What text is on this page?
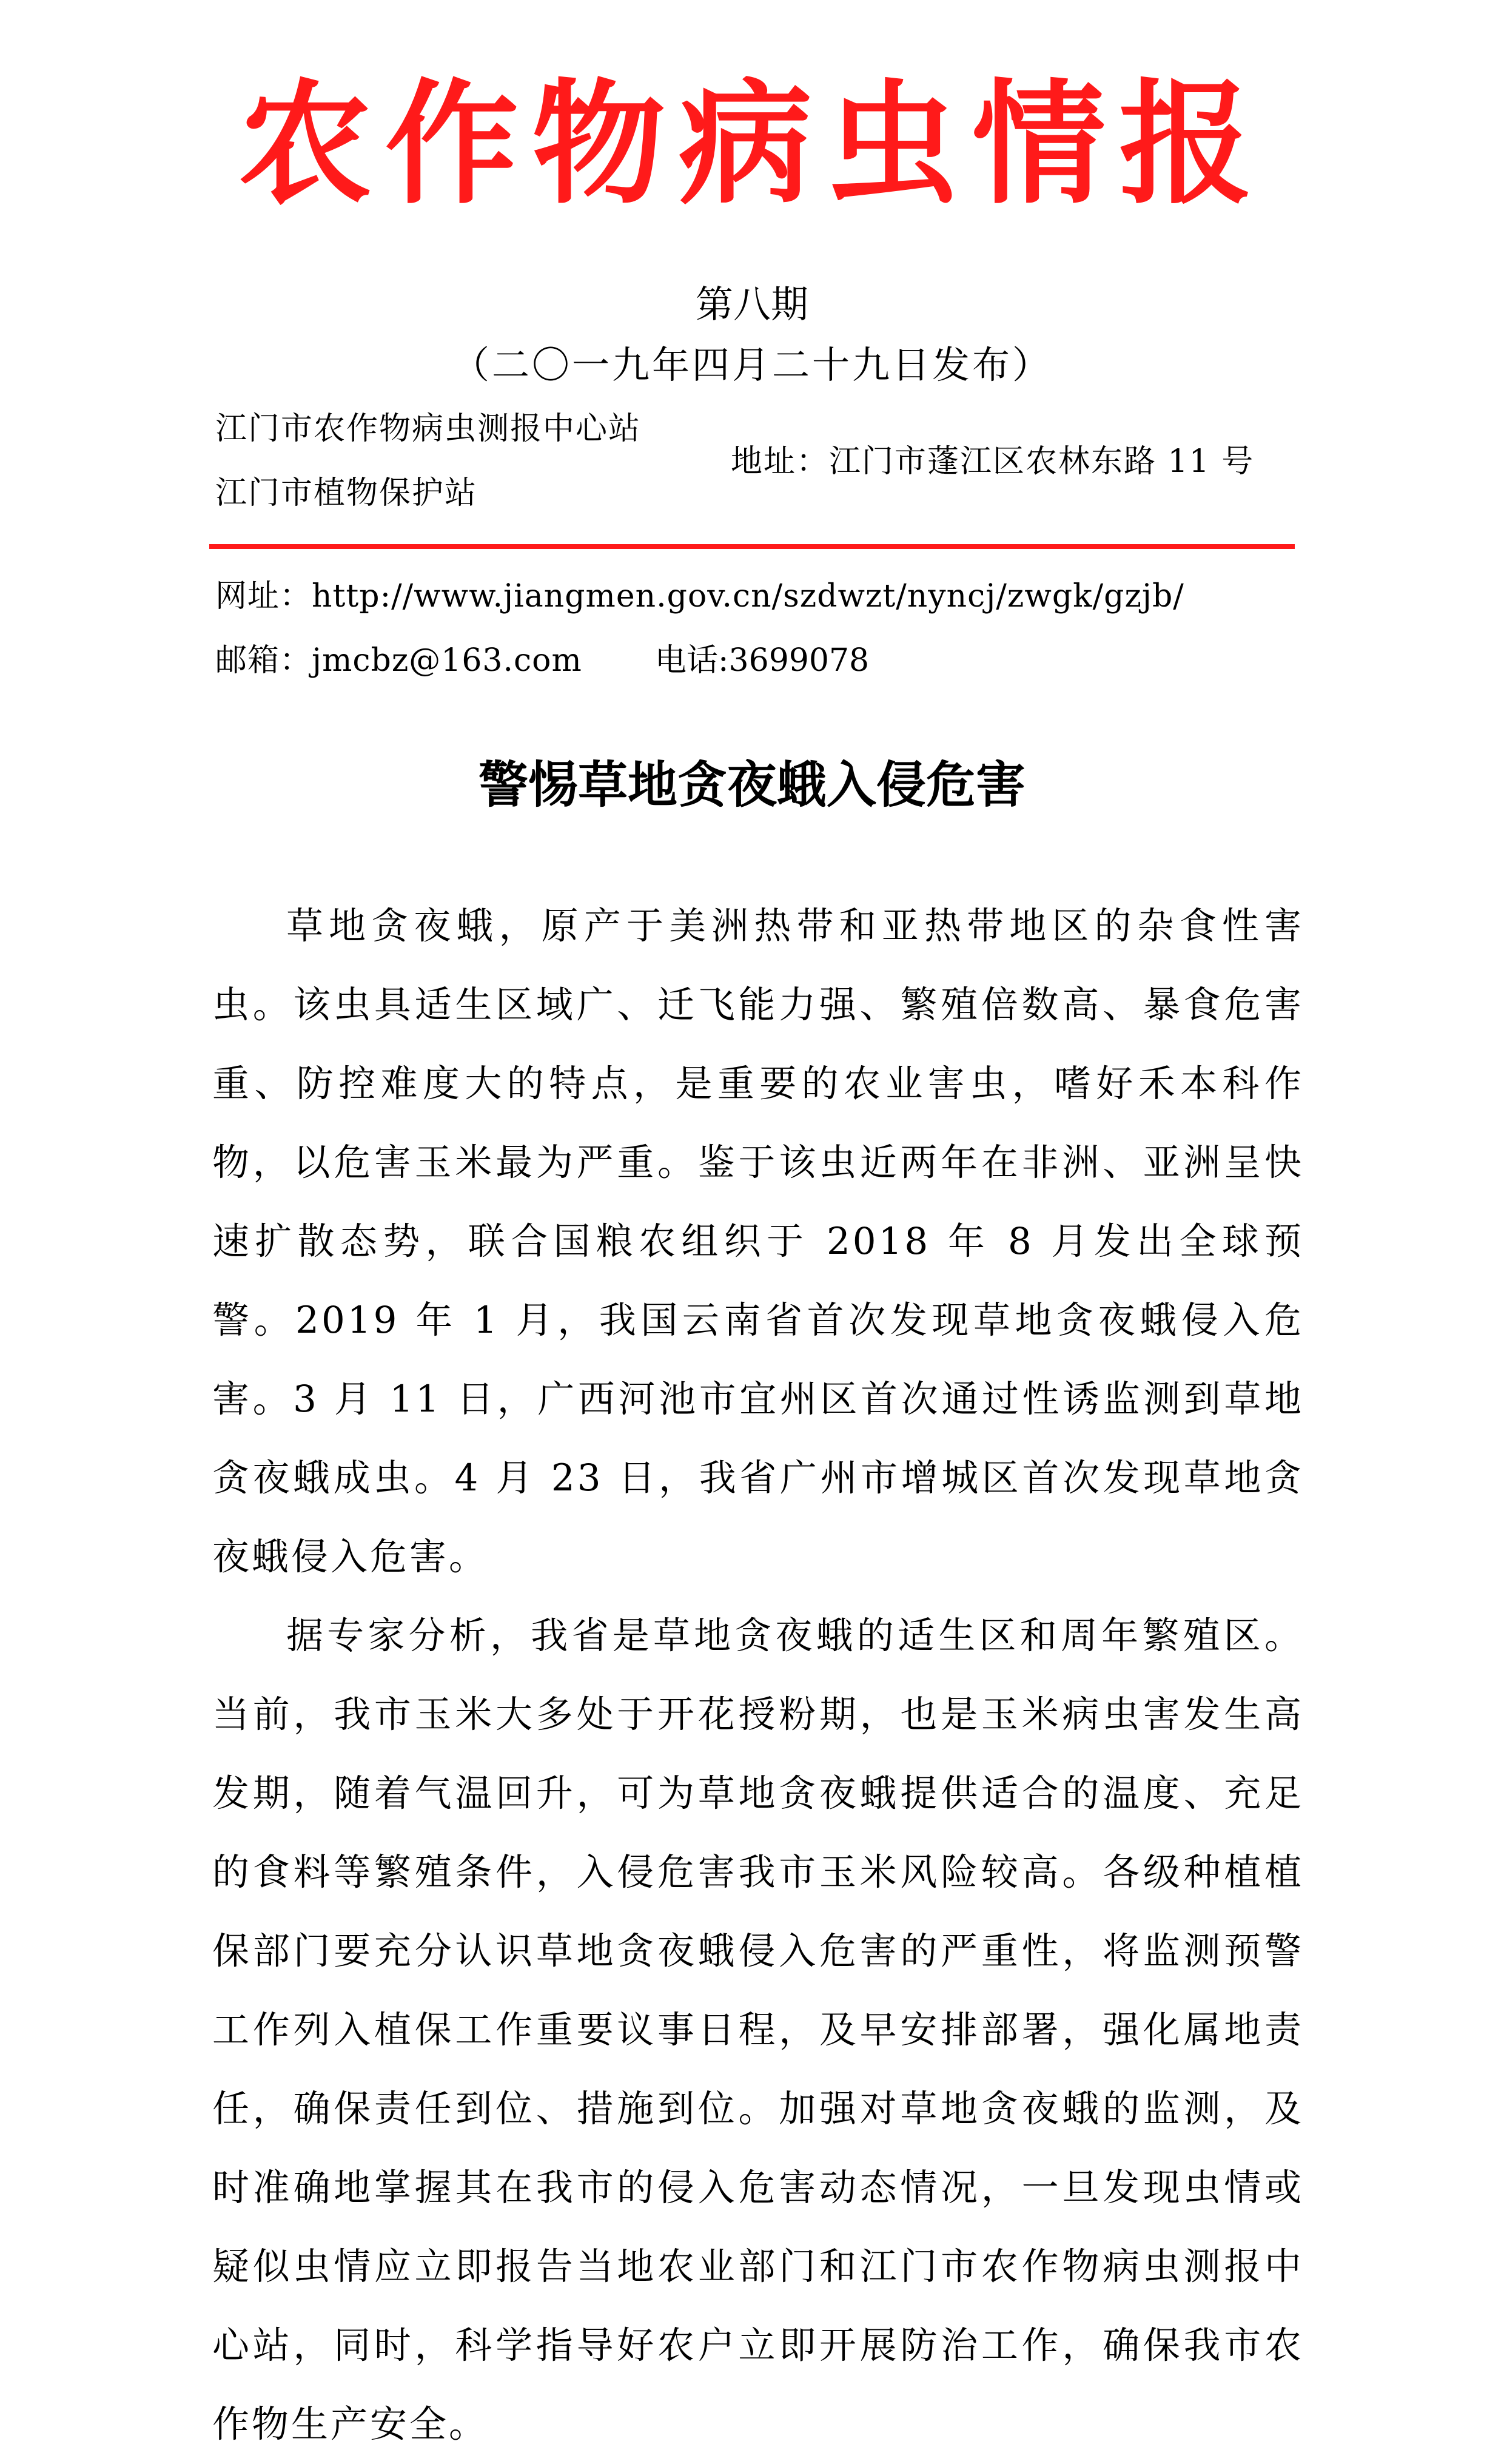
农作物病虫情报
第八期
（二〇一九年四月二十九日发布）
江门市农作物病虫测报中心站
江门市植物保护站
地址：江门市蓬江区农林东路 11 号
网址：http://www.jiangmen.gov.cn/szdwzt/nyncj/zwgk/gzjb/
邮箱：jmcbz@163.com 电话:3699078
警惕草地贪夜蛾入侵危害

草地贪夜蛾，原产于美洲热带和亚热带地区的杂食性害虫。该虫具适生区域广、迁飞能力强、繁殖倍数高、暴食危害重、防控难度大的特点，是重要的农业害虫，嗜好禾本科作物，以危害玉米最为严重。鉴于该虫近两年在非洲、亚洲呈快速扩散态势，联合国粮农组织于 2018 年 8 月发出全球预警。2019 年 1 月，我国云南省首次发现草地贪夜蛾侵入危害。3 月 11 日，广西河池市宜州区首次通过性诱监测到草地贪夜蛾成虫。4 月 23 日，我省广州市增城区首次发现草地贪夜蛾侵入危害。

据专家分析，我省是草地贪夜蛾的适生区和周年繁殖区。当前，我市玉米大多处于开花授粉期，也是玉米病虫害发生高发期，随着气温回升，可为草地贪夜蛾提供适合的温度、充足的食料等繁殖条件，入侵危害我市玉米风险较高。各级种植植保部门要充分认识草地贪夜蛾侵入危害的严重性，将监测预警工作列入植保工作重要议事日程，及早安排部署，强化属地责任，确保责任到位、措施到位。加强对草地贪夜蛾的监测，及时准确地掌握其在我市的侵入危害动态情况，一旦发现虫情或疑似虫情应立即报告当地农业部门和江门市农作物病虫测报中心站，同时，科学指导好农户立即开展防治工作，确保我市农作物生产安全。
